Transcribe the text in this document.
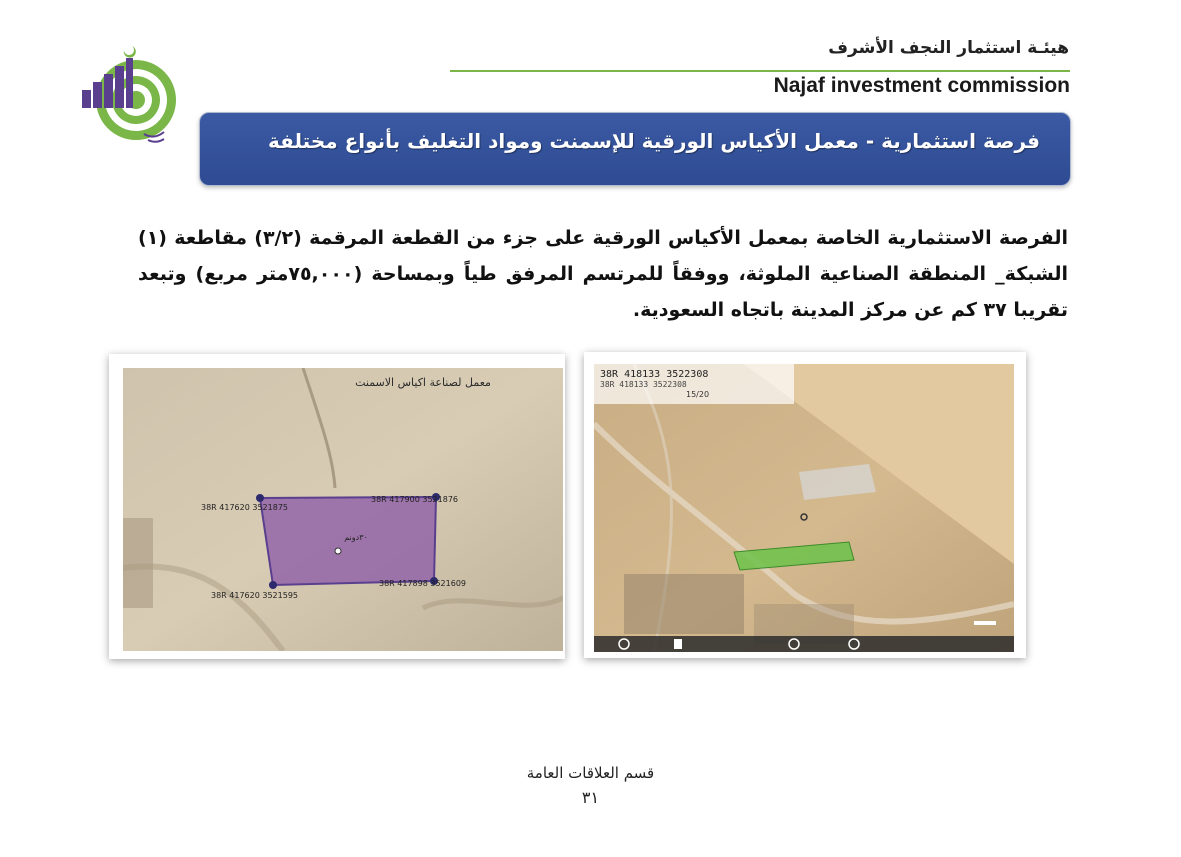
هيئـة استثمار النجف الأشرف
Najaf investment commission
فرصة استثمارية - معمل الأكياس الورقية للإسمنت ومواد التغليف بأنواع مختلفة
الفرصة الاستثمارية الخاصة بمعمل الأكياس الورقية على جزء من القطعة المرقمة (٣/٢) مقاطعة (١) الشبكة_ المنطقة الصناعية الملوثة، ووفقاً للمرتسم المرفق طياً وبمساحة (٧٥,٠٠٠متر مربع) وتبعد تقريبا ٣٧ كم عن مركز المدينة باتجاه السعودية.
معمل لصناعة اكياس الاسمنت
38R 417620 3521875
38R 417900 3521876
38R 417620 3521595
38R 417898 3521609
٣٠دونم
38R 418133 3522308
38R 418133 3522308
15/20
قسم العلاقات العامة
٣١
